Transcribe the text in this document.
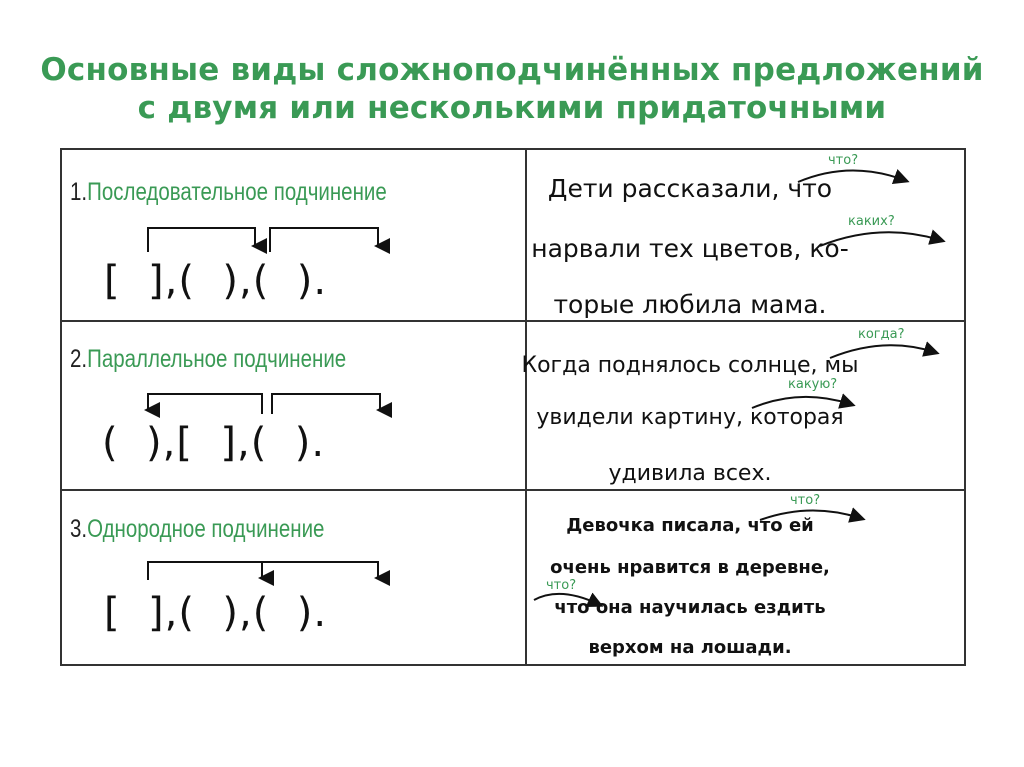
Основные виды сложноподчинённых предложений
с двумя или несколькими придаточными
1.Последовательное подчинение
[  ],(  ),(  ).
Дети рассказали, что
нарвали тех цветов, ко-
торые любила мама.
что?
каких?
2.Параллельное подчинение
(  ),[  ],(  ).
Когда поднялось солнце, мы
увидели картину, которая
удивила всех.
когда?
какую?
3.Однородное подчинение
[  ],(  ),(  ).
Девочка писала, что ей
очень нравится в деревне,
что она научилась ездить
верхом на лошади.
что?
что?
